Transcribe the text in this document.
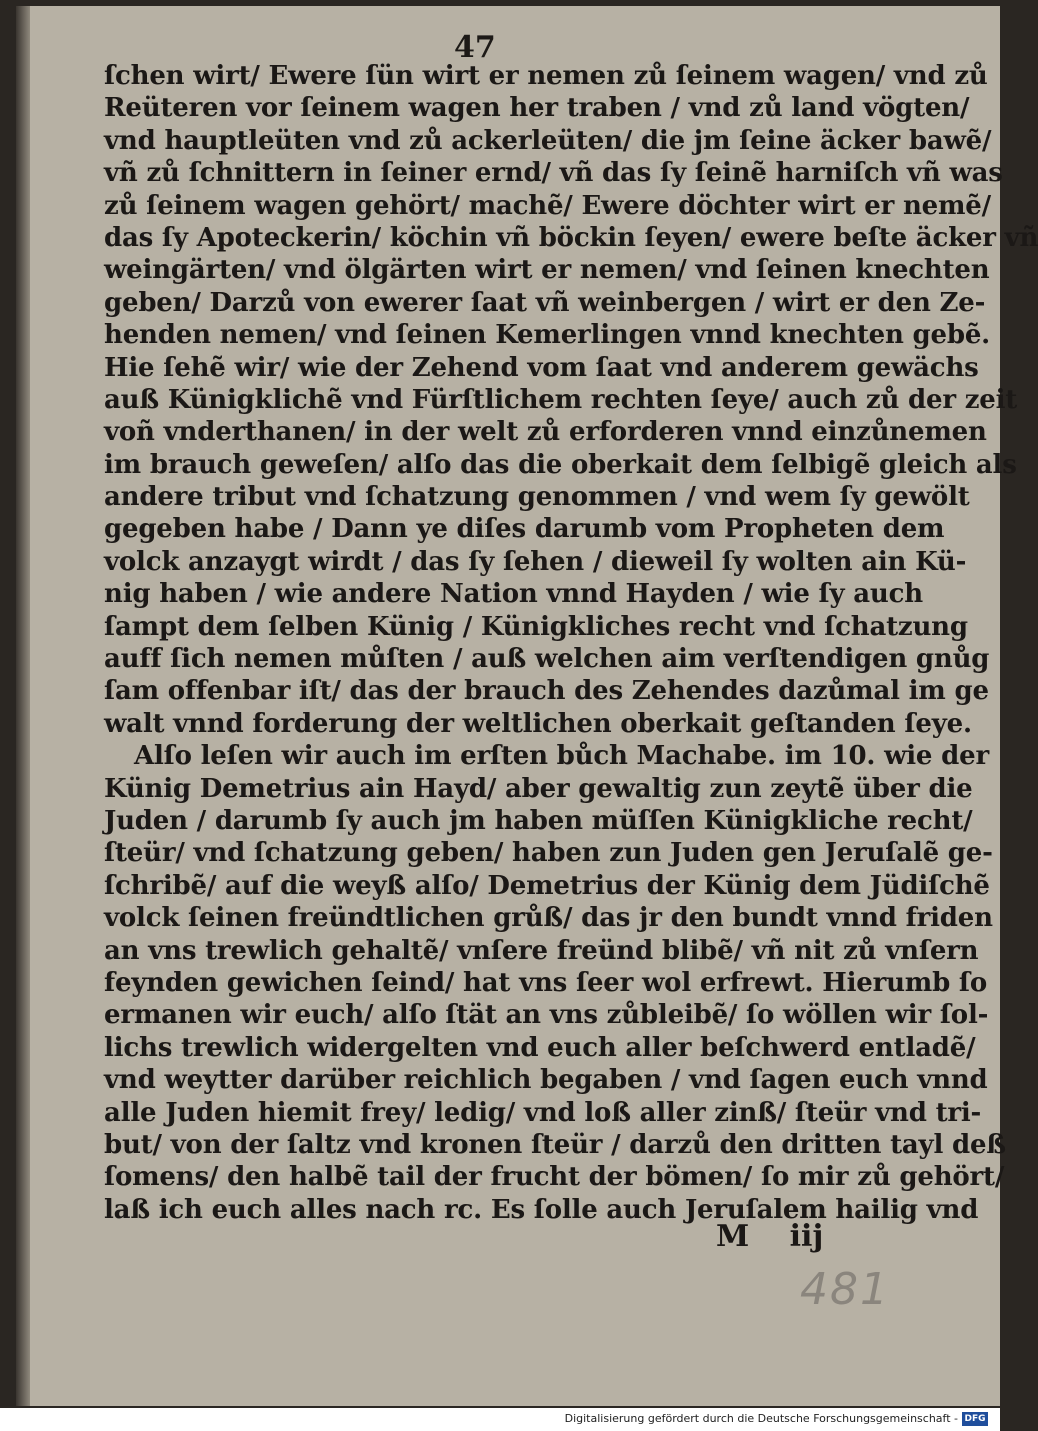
47
ſchen wirt/ Ewere ſün wirt er nemen zů ſeinem wagen/ vnd zů
Reüteren vor ſeinem wagen her traben / vnd zů land vögten/
vnd hauptleüten vnd zů ackerleüten/ die jm ſeine äcker bawẽ/
vñ zů ſchnittern in ſeiner ernd/ vñ das ſy ſeinẽ harniſch vñ was
zů ſeinem wagen gehört/ machẽ/ Ewere döchter wirt er nemẽ/
das ſy Apoteckerin/ köchin vñ böckin ſeyen/ ewere beſte äcker vñ
weingärten/ vnd ölgärten wirt er nemen/ vnd ſeinen knechten
geben/ Darzů von ewerer ſaat vñ weinbergen / wirt er den Ze-
henden nemen/ vnd ſeinen Kemerlingen vnnd knechten gebẽ.
Hie ſehẽ wir/ wie der Zehend vom ſaat vnd anderem gewächs
auß Künigklichẽ vnd Fürſtlichem rechten ſeye/ auch zů der zeit
voñ vnderthanen/ in der welt zů erforderen vnnd einzůnemen
im brauch geweſen/ alſo das die oberkait dem ſelbigẽ gleich als
andere tribut vnd ſchatzung genommen / vnd wem ſy gewölt
gegeben habe / Dann ye diſes darumb vom Propheten dem
volck anzaygt wirdt / das ſy ſehen / dieweil ſy wolten ain Kü-
nig haben / wie andere Nation vnnd Hayden / wie ſy auch
ſampt dem ſelben Künig / Künigkliches recht vnd ſchatzung
auff ſich nemen můſten / auß welchen aim verſtendigen gnůg
ſam offenbar iſt/ das der brauch des Zehendes dazůmal im ge
walt vnnd forderung der weltlichen oberkait geſtanden ſeye.
Alſo leſen wir auch im erſten bůch Machabe. im 10. wie der
Künig Demetrius ain Hayd/ aber gewaltig zun zeytẽ über die
Juden / darumb ſy auch jm haben müſſen Künigkliche recht/
ſteür/ vnd ſchatzung geben/ haben zun Juden gen Jeruſalẽ ge-
ſchribẽ/ auf die weyß alſo/ Demetrius der Künig dem Jüdiſchẽ
volck ſeinen freündtlichen grůß/ das jr den bundt vnnd friden
an vns trewlich gehaltẽ/ vnſere freünd blibẽ/ vñ nit zů vnſern
feynden gewichen ſeind/ hat vns ſeer wol erfrewt. Hierumb ſo
ermanen wir euch/ alſo ſtät an vns zůbleibẽ/ ſo wöllen wir ſol-
lichs trewlich widergelten vnd euch aller beſchwerd entladẽ/
vnd weytter darüber reichlich begaben / vnd ſagen euch vnnd
alle Juden hiemit frey/ ledig/ vnd loß aller zinß/ ſteür vnd tri-
but/ von der ſaltz vnd kronen ſteür / darzů den dritten tayl deß
ſomens/ den halbẽ tail der frucht der bömen/ ſo mir zů gehört/
laß ich euch alles nach rc. Es ſolle auch Jeruſalem hailig vnd
M iij
481
Digitalisierung gefördert durch die Deutsche Forschungsgemeinschaft - DFG
